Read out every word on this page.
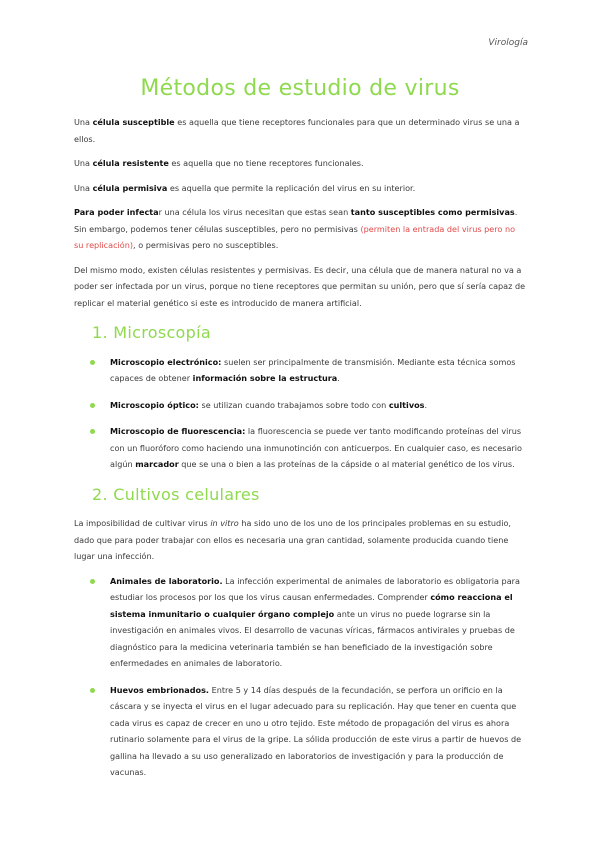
Virología
Métodos de estudio de virus

Una célula susceptible es aquella que tiene receptores funcionales para que un determinado virus se una a ellos.

Una célula resistente es aquella que no tiene receptores funcionales.

Una célula permisiva es aquella que permite la replicación del virus en su interior.

Para poder infectar una célula los virus necesitan que estas sean tanto susceptibles como permisivas. Sin embargo, podemos tener células susceptibles, pero no permisivas (permiten la entrada del virus pero no su replicación), o permisivas pero no susceptibles.

Del mismo modo, existen células resistentes y permisivas. Es decir, una célula que de manera natural no va a poder ser infectada por un virus, porque no tiene receptores que permitan su unión, pero que sí sería capaz de replicar el material genético si este es introducido de manera artificial.

1. Microscopía
Microscopio electrónico: suelen ser principalmente de transmisión. Mediante esta técnica somos capaces de obtener información sobre la estructura.
Microscopio óptico: se utilizan cuando trabajamos sobre todo con cultivos.
Microscopio de fluorescencia: la fluorescencia se puede ver tanto modificando proteínas del virus con un fluoróforo como haciendo una inmunotinción con anticuerpos. En cualquier caso, es necesario algún marcador que se una o bien a las proteínas de la cápside o al material genético de los virus.
2. Cultivos celulares

La imposibilidad de cultivar virus in vitro ha sido uno de los uno de los principales problemas en su estudio, dado que para poder trabajar con ellos es necesaria una gran cantidad, solamente producida cuando tiene lugar una infección.

Animales de laboratorio. La infección experimental de animales de laboratorio es obligatoria para estudiar los procesos por los que los virus causan enfermedades. Comprender cómo reacciona el sistema inmunitario o cualquier órgano complejo ante un virus no puede lograrse sin la investigación en animales vivos. El desarrollo de vacunas víricas, fármacos antivirales y pruebas de diagnóstico para la medicina veterinaria también se han beneficiado de la investigación sobre enfermedades en animales de laboratorio.
Huevos embrionados. Entre 5 y 14 días después de la fecundación, se perfora un orificio en la cáscara y se inyecta el virus en el lugar adecuado para su replicación. Hay que tener en cuenta que cada virus es capaz de crecer en uno u otro tejido. Este método de propagación del virus es ahora rutinario solamente para el virus de la gripe. La sólida producción de este virus a partir de huevos de gallina ha llevado a su uso generalizado en laboratorios de investigación y para la producción de vacunas.
